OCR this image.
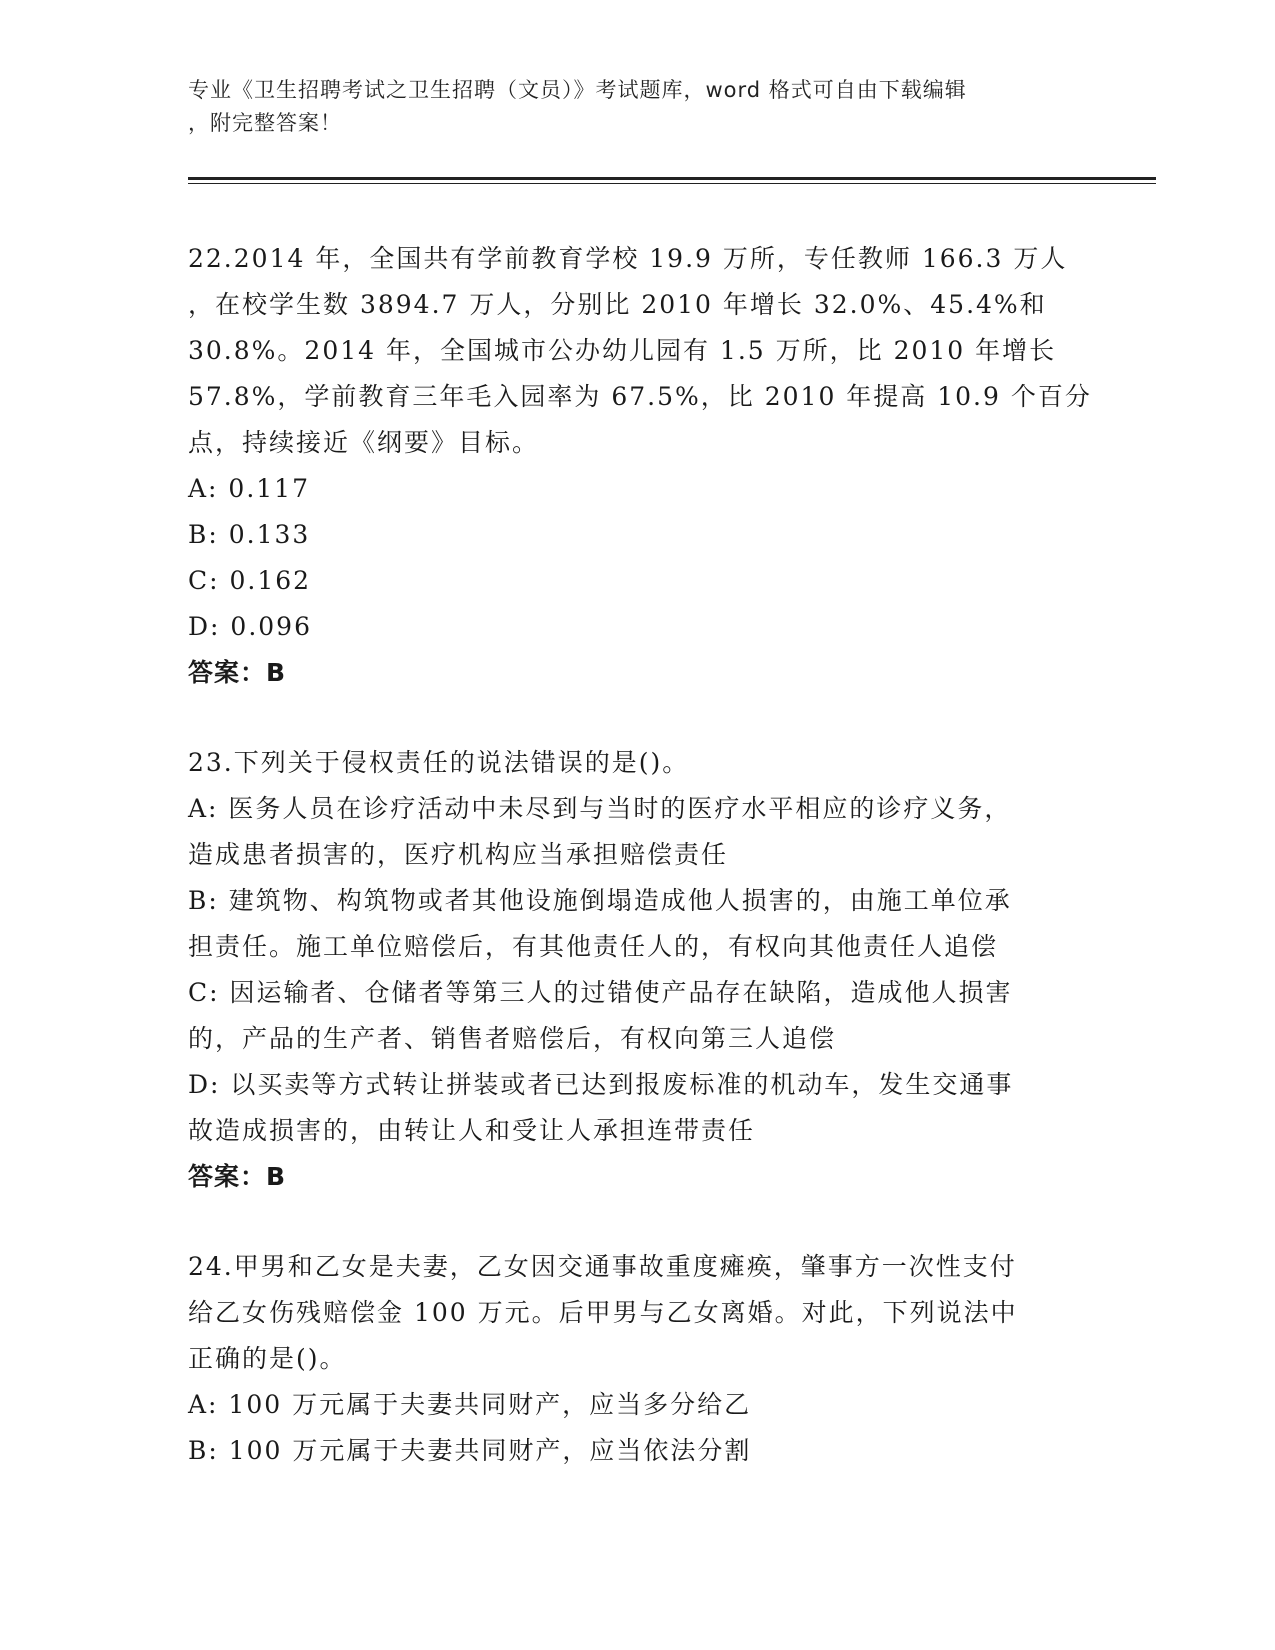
专业《卫生招聘考试之卫生招聘（文员）》考试题库，word 格式可自由下载编辑
，附完整答案！
22.2014 年，全国共有学前教育学校 19.9 万所，专任教师 166.3 万人
，在校学生数 3894.7 万人，分别比 2010 年增长 32.0%、45.4%和
30.8%。2014 年，全国城市公办幼儿园有 1.5 万所，比 2010 年增长
57.8%，学前教育三年毛入园率为 67.5%，比 2010 年提高 10.9 个百分
点，持续接近《纲要》目标。
A: 0.117
B: 0.133
C: 0.162
D: 0.096
答案：B
23.下列关于侵权责任的说法错误的是()。
A: 医务人员在诊疗活动中未尽到与当时的医疗水平相应的诊疗义务，
造成患者损害的，医疗机构应当承担赔偿责任
B: 建筑物、构筑物或者其他设施倒塌造成他人损害的，由施工单位承
担责任。施工单位赔偿后，有其他责任人的，有权向其他责任人追偿
C: 因运输者、仓储者等第三人的过错使产品存在缺陷，造成他人损害
的，产品的生产者、销售者赔偿后，有权向第三人追偿
D: 以买卖等方式转让拼装或者已达到报废标准的机动车，发生交通事
故造成损害的，由转让人和受让人承担连带责任
答案：B
24.甲男和乙女是夫妻，乙女因交通事故重度瘫痪，肇事方一次性支付
给乙女伤残赔偿金 100 万元。后甲男与乙女离婚。对此，下列说法中
正确的是()。
A: 100 万元属于夫妻共同财产，应当多分给乙
B: 100 万元属于夫妻共同财产，应当依法分割
